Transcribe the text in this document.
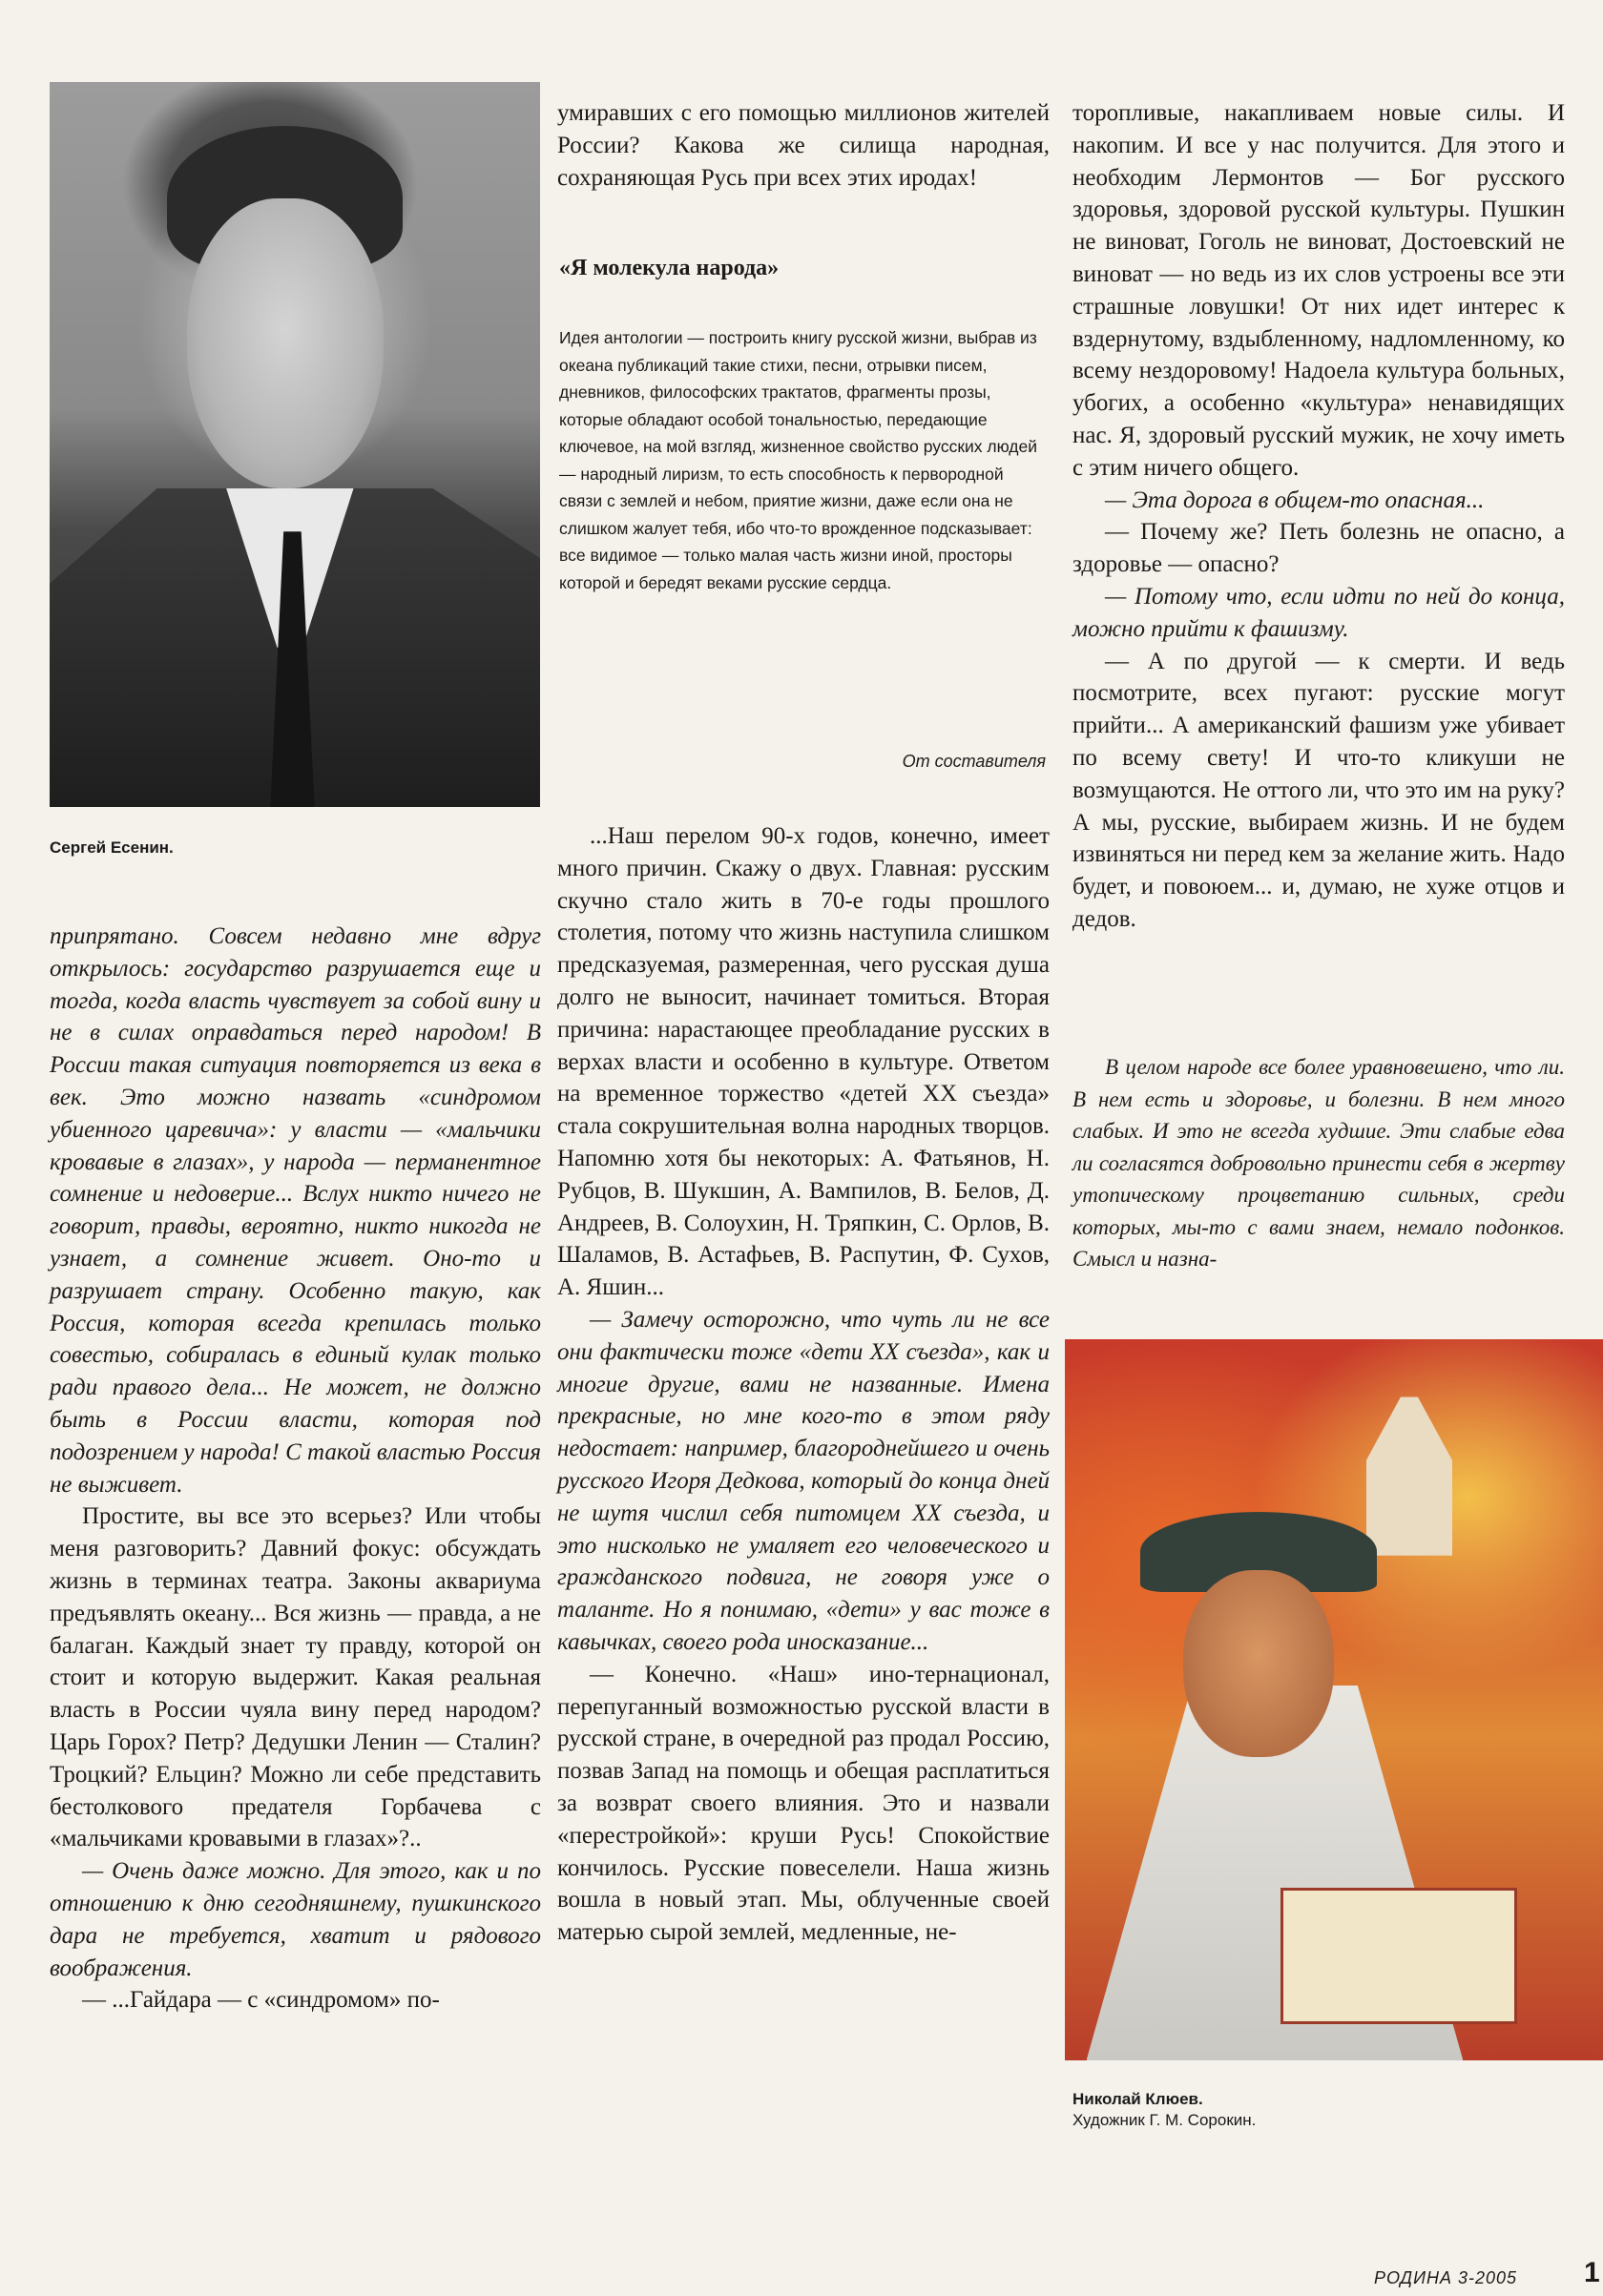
Сергей Есенин.

припрятано. Совсем недавно мне вдруг открылось: государство разрушается еще и тогда, когда власть чувствует за собой вину и не в силах оправдаться перед народом! В России такая ситуация повторяется из века в век. Это можно назвать «синдромом убиенного царевича»: у власти — «мальчики кровавые в глазах», у народа — перманентное сомнение и недоверие... Вслух никто ничего не говорит, правды, вероятно, никто никогда не узнает, а сомнение живет. Оно-то и разрушает страну. Особенно такую, как Россия, которая всегда крепилась только совестью, собиралась в единый кулак только ради правого дела... Не может, не должно быть в России власти, которая под подозрением у народа! С такой властью Россия не выживет.

Простите, вы все это всерьез? Или чтобы меня разговорить? Давний фокус: обсуждать жизнь в терминах театра. Законы аквариума предъявлять океану... Вся жизнь — правда, а не балаган. Каждый знает ту правду, которой он стоит и которую выдержит. Какая реальная власть в России чуяла вину перед народом? Царь Горох? Петр? Дедушки Ленин — Сталин? Троцкий? Ельцин? Можно ли себе представить бестолкового предателя Горбачева с «мальчиками кровавыми в глазах»?..

— Очень даже можно. Для этого, как и по отношению к дню сегодняшнему, пушкинского дара не требуется, хватит и рядового воображения.

— ...Гайдара — с «синдромом» по-

умиравших с его помощью миллионов жителей России? Какова же силища народная, сохраняющая Русь при всех этих иродах!

«Я молекула народа»

Идея антологии — построить книгу русской жизни, выбрав из океана публикаций такие стихи, песни, отрывки писем, дневников, философских трактатов, фрагменты прозы, которые обладают особой тональностью, передающие ключевое, на мой взгляд, жизненное свойство русских людей — народный лиризм, то есть способность к первородной связи с землей и небом, приятие жизни, даже если она не слишком жалует тебя, ибо что-то врожденное подсказывает: все видимое — только малая часть жизни иной, просторы которой и бередят веками русские сердца.

От составителя

...Наш перелом 90-х годов, конечно, имеет много причин. Скажу о двух. Главная: русским скучно стало жить в 70-е годы прошлого столетия, потому что жизнь наступила слишком предсказуемая, размеренная, чего русская душа долго не выносит, начинает томиться. Вторая причина: нарастающее преобладание русских в верхах власти и особенно в культуре. Ответом на временное торжество «детей XX съезда» стала сокрушительная волна народных творцов. Напомню хотя бы некоторых: А. Фатьянов, Н. Рубцов, В. Шукшин, А. Вампилов, В. Белов, Д. Андреев, В. Солоухин, Н. Тряпкин, С. Орлов, В. Шаламов, В. Астафьев, В. Распутин, Ф. Сухов, А. Яшин...

— Замечу осторожно, что чуть ли не все они фактически тоже «дети XX съезда», как и многие другие, вами не названные. Имена прекрасные, но мне кого-то в этом ряду недостает: например, благороднейшего и очень русского Игоря Дедкова, который до конца дней не шутя числил себя питомцем XX съезда, и это нисколько не умаляет его человеческого и гражданского подвига, не говоря уже о таланте. Но я понимаю, «дети» у вас тоже в кавычках, своего рода иносказание...

— Конечно. «Наш» ино-тернационал, перепуганный возможностью русской власти в русской стране, в очередной раз продал Россию, позвав Запад на помощь и обещая расплатиться за возврат своего влияния. Это и назвали «перестройкой»: круши Русь! Спокойствие кончилось. Русские повеселели. Наша жизнь вошла в новый этап. Мы, облученные своей матерью сырой землей, медленные, не-

торопливые, накапливаем новые силы. И накопим. И все у нас получится. Для этого и необходим Лермонтов — Бог русского здоровья, здоровой русской культуры. Пушкин не виноват, Гоголь не виноват, Достоевский не виноват — но ведь из их слов устроены все эти страшные ловушки! От них идет интерес к вздернутому, вздыбленному, надломленному, ко всему нездоровому! Надоела культура больных, убогих, а особенно «культура» ненавидящих нас. Я, здоровый русский мужик, не хочу иметь с этим ничего общего.

— Эта дорога в общем-то опасная...

— Почему же? Петь болезнь не опасно, а здоровье — опасно?

— Потому что, если идти по ней до конца, можно прийти к фашизму.

— А по другой — к смерти. И ведь посмотрите, всех пугают: русские могут прийти... А американский фашизм уже убивает по всему свету! И что-то кликуши не возмущаются. Не оттого ли, что это им на руку? А мы, русские, выбираем жизнь. И не будем извиняться ни перед кем за желание жить. Надо будет, и повоюем... и, думаю, не хуже отцов и дедов.

В целом народе все более уравновешено, что ли. В нем есть и здоровье, и болезни. В нем много слабых. И это не всегда худшие. Эти слабые едва ли согласятся добровольно принести себя в жертву утопическому процветанию сильных, среди которых, мы-то с вами знаем, немало подонков. Смысл и назна-

Николай Клюев.
Художник Г. М. Сорокин.
РОДИНА 3-2005 1
